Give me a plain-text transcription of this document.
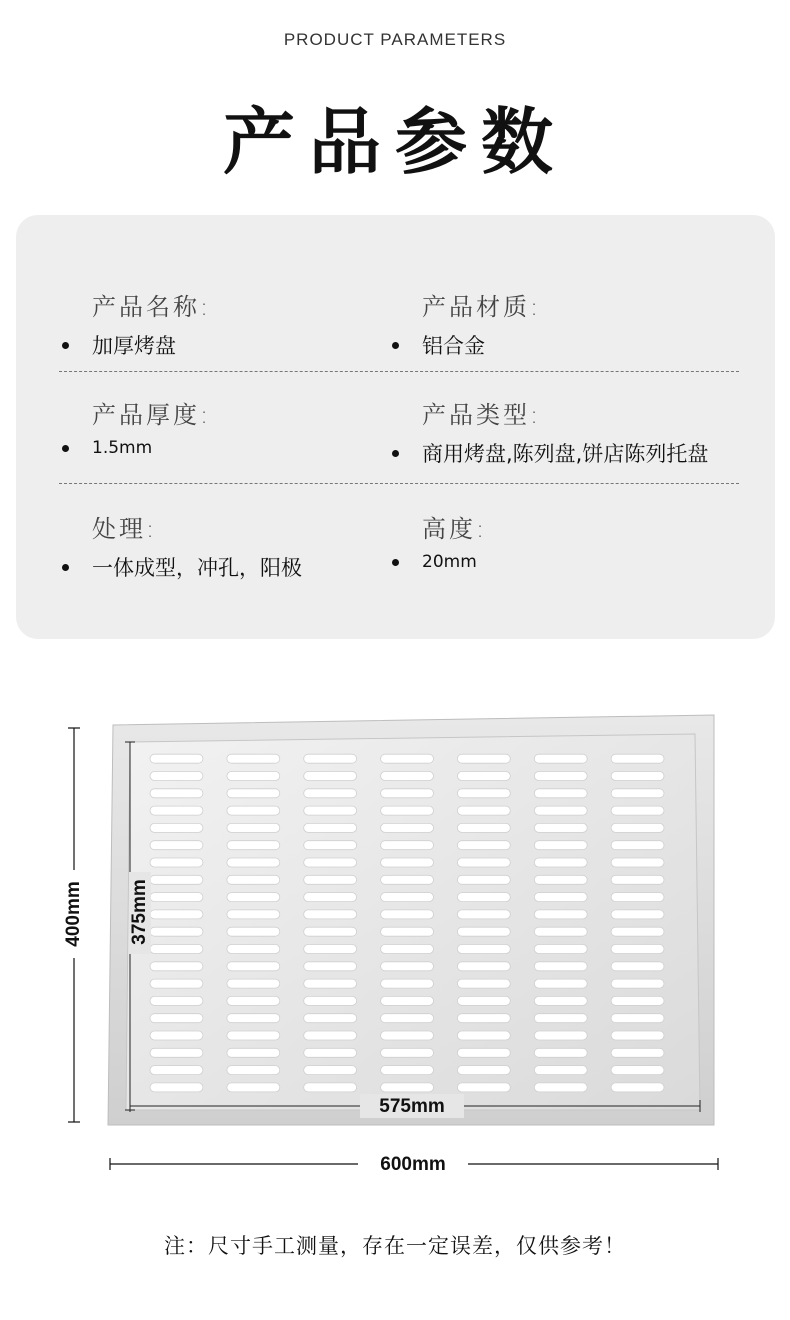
PRODUCT PARAMETERS
产品参数
产品名称:
加厚烤盘
产品材质:
铝合金
产品厚度:
1.5mm
产品类型:
商用烤盘,陈列盘,饼店陈列托盘
处理:
一体成型，冲孔，阳极
高度:
20mm
400mm 375mm
575mm
600mm
注：尺寸手工测量，存在一定误差，仅供参考！
